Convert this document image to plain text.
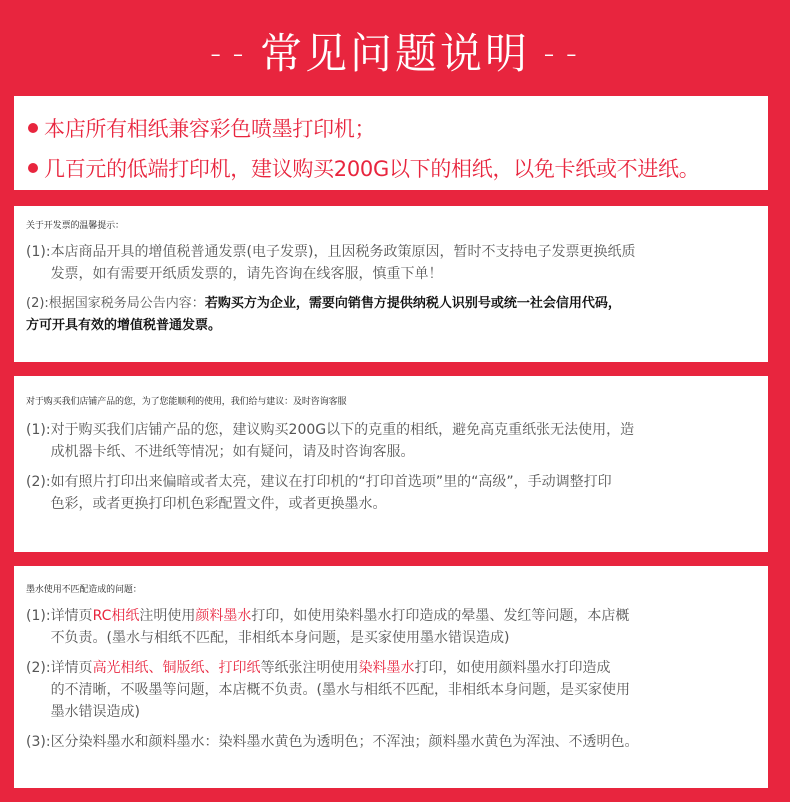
– – 常见问题说明 – –
本店所有相纸兼容彩色喷墨打印机；
几百元的低端打印机，建议购买200G以下的相纸，以免卡纸或不进纸。
关于开发票的温馨提示：
(1): 本店商品开具的增值税普通发票(电子发票)，且因税务政策原因，暂时不支持电子发票更换纸质
发票，如有需要开纸质发票的，请先咨询在线客服，慎重下单！
(2): 根据国家税务局公告内容：若购买方为企业，需要向销售方提供纳税人识别号或统一社会信用代码，
方可开具有效的增值税普通发票。
对于购买我们店铺产品的您，为了您能顺利的使用，我们给与建议：及时咨询客服
(1): 对于购买我们店铺产品的您，建议购买200G以下的克重的相纸，避免高克重纸张无法使用，造
成机器卡纸、不进纸等情况；如有疑问，请及时咨询客服。
(2): 如有照片打印出来偏暗或者太亮，建议在打印机的“打印首选项”里的“高级”，手动调整打印
色彩，或者更换打印机色彩配置文件，或者更换墨水。
墨水使用不匹配造成的问题：
(1): 详情页RC相纸注明使用颜料墨水打印，如使用染料墨水打印造成的晕墨、发红等问题，本店概
不负责。(墨水与相纸不匹配，非相纸本身问题，是买家使用墨水错误造成)
(2): 详情页高光相纸、铜版纸、打印纸等纸张注明使用染料墨水打印，如使用颜料墨水打印造成
的不清晰，不吸墨等问题，本店概不负责。(墨水与相纸不匹配，非相纸本身问题，是买家使用
墨水错误造成)
(3): 区分染料墨水和颜料墨水：染料墨水黄色为透明色；不浑浊；颜料墨水黄色为浑浊、不透明色。
